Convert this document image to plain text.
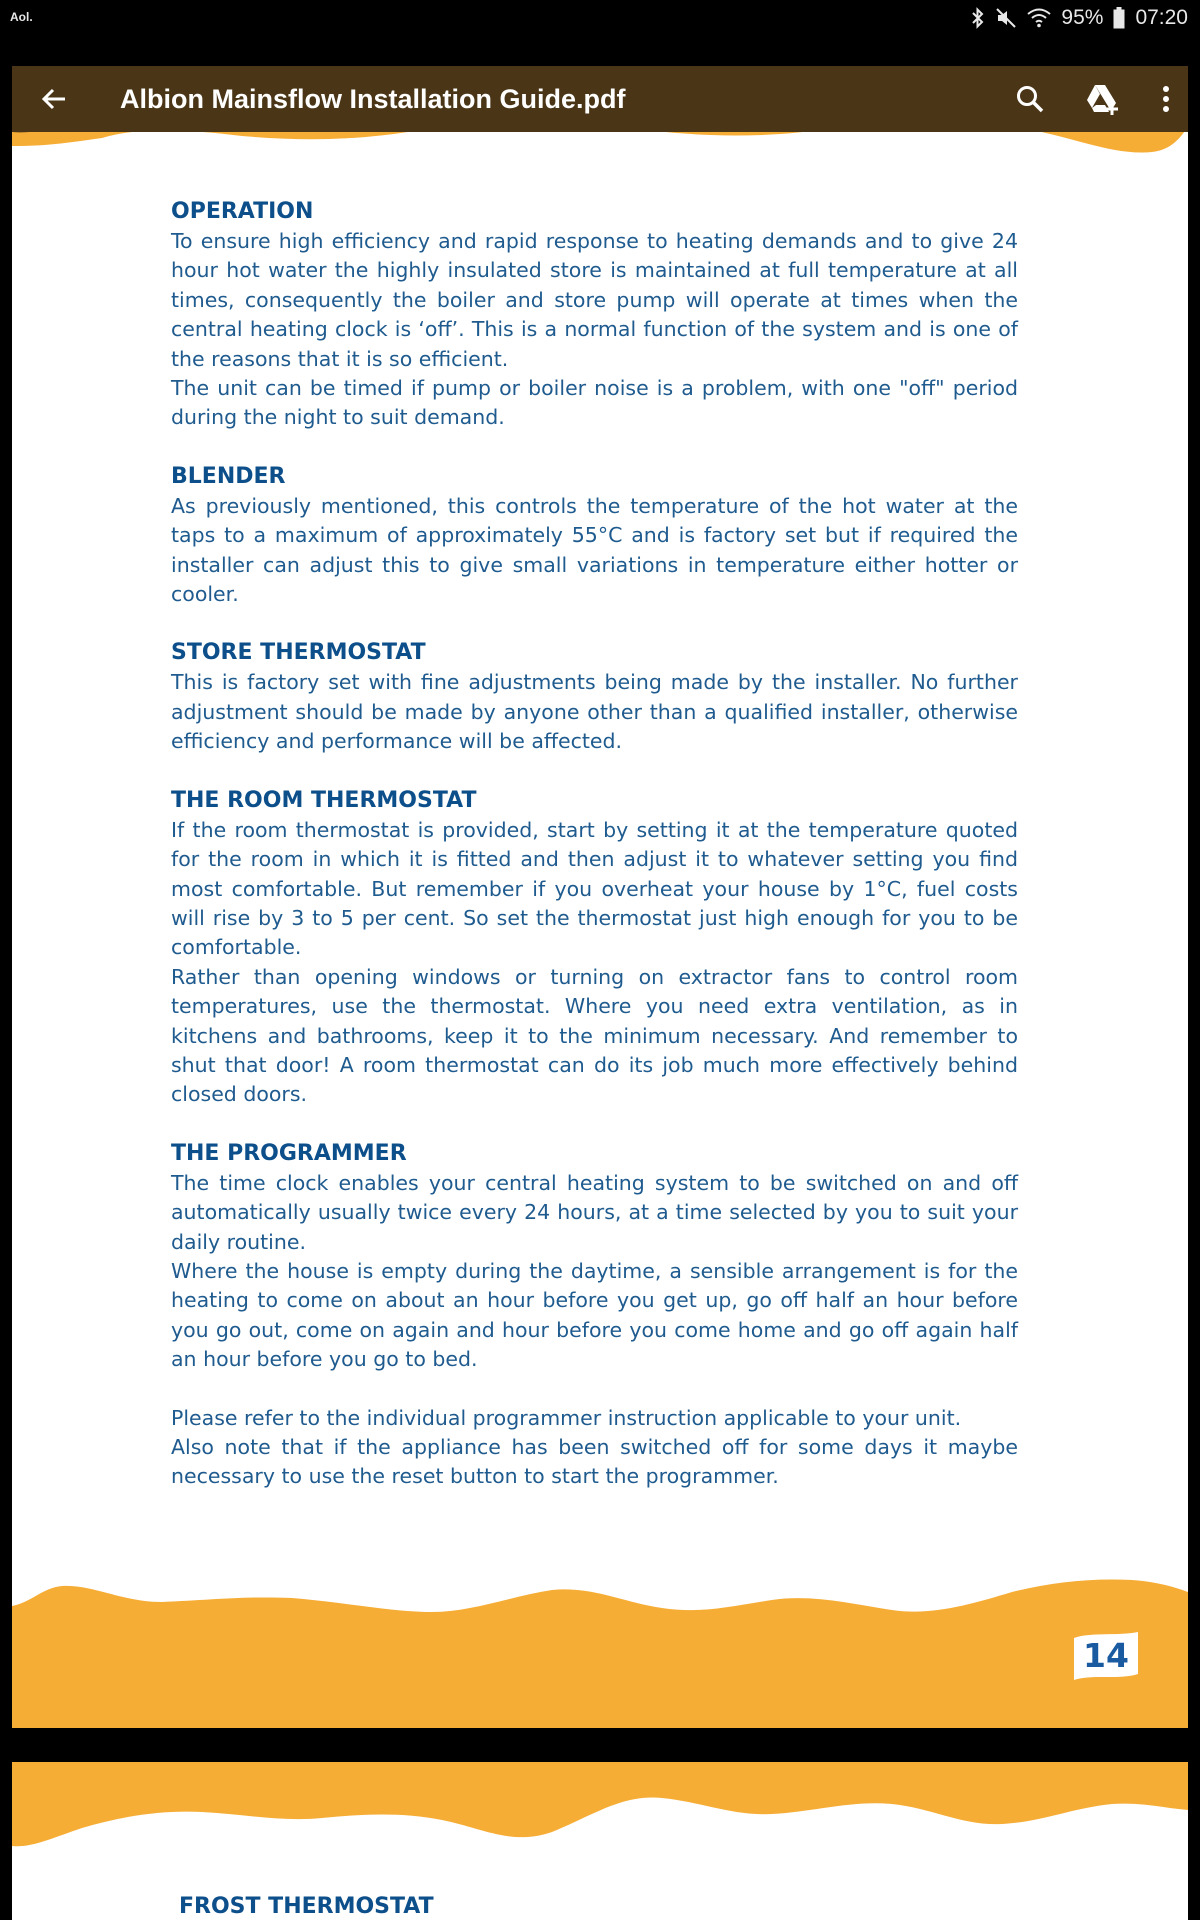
Aol.	95% 07:20
OPERATION
To ensure high efficiency and rapid response to heating demands and to give 24 hour hot water the highly insulated store is maintained at full temperature at all times, consequently the boiler and store pump will operate at times when the central heating clock is ‘off’. This is a normal function of the system and is one of the reasons that it is so efficient.
The unit can be timed if pump or boiler noise is a problem, with one "off" period during the night to suit demand.
BLENDER
As previously mentioned, this controls the temperature of the hot water at the taps to a maximum of approximately 55°C and is factory set but if required the installer can adjust this to give small variations in temperature either hotter or cooler.
STORE THERMOSTAT
This is factory set with fine adjustments being made by the installer. No further adjustment should be made by anyone other than a qualified installer, otherwise efficiency and performance will be affected.
THE ROOM THERMOSTAT
If the room thermostat is provided, start by setting it at the temperature quoted for the room in which it is fitted and then adjust it to whatever setting you find most comfortable. But remember if you overheat your house by 1°C, fuel costs will rise by 3 to 5 per cent. So set the thermostat just high enough for you to be comfortable.
Rather than opening windows or turning on extractor fans to control room temperatures, use the thermostat. Where you need extra ventilation, as in kitchens and bathrooms, keep it to the minimum necessary. And remember to shut that door! A room thermostat can do its job much more effectively behind closed doors.
THE PROGRAMMER
The time clock enables your central heating system to be switched on and off automatically usually twice every 24 hours, at a time selected by you to suit your daily routine.
Where the house is empty during the daytime, a sensible arrangement is for the heating to come on about an hour before you get up, go off half an hour before you go out, come on again and hour before you come home and go off again half an hour before you go to bed.
Please refer to the individual programmer instruction applicable to your unit.
Also note that if the appliance has been switched off for some days it maybe necessary to use the reset button to start the programmer.
14
Albion Mainsflow Installation Guide.pdf
FROST THERMOSTAT
